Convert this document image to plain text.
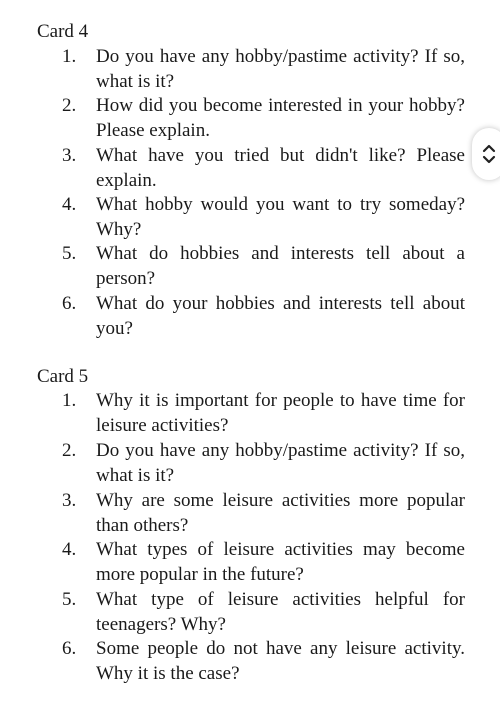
Card 4
1.	Do you have any hobby/pastime activity? If so, what is it?
2.	How did you become interested in your hobby? Please explain.
3.	What have you tried but didn't like? Please explain.
4.	What hobby would you want to try someday? Why?
5.	What do hobbies and interests tell about a person?
6.	What do your hobbies and interests tell about you?
Card 5
1.	Why it is important for people to have time for leisure activities?
2.	Do you have any hobby/pastime activity? If so, what is it?
3.	Why are some leisure activities more popular than others?
4.	What types of leisure activities may become more popular in the future?
5.	What type of leisure activities helpful for teenagers? Why?
6.	Some people do not have any leisure activity. Why it is the case?
